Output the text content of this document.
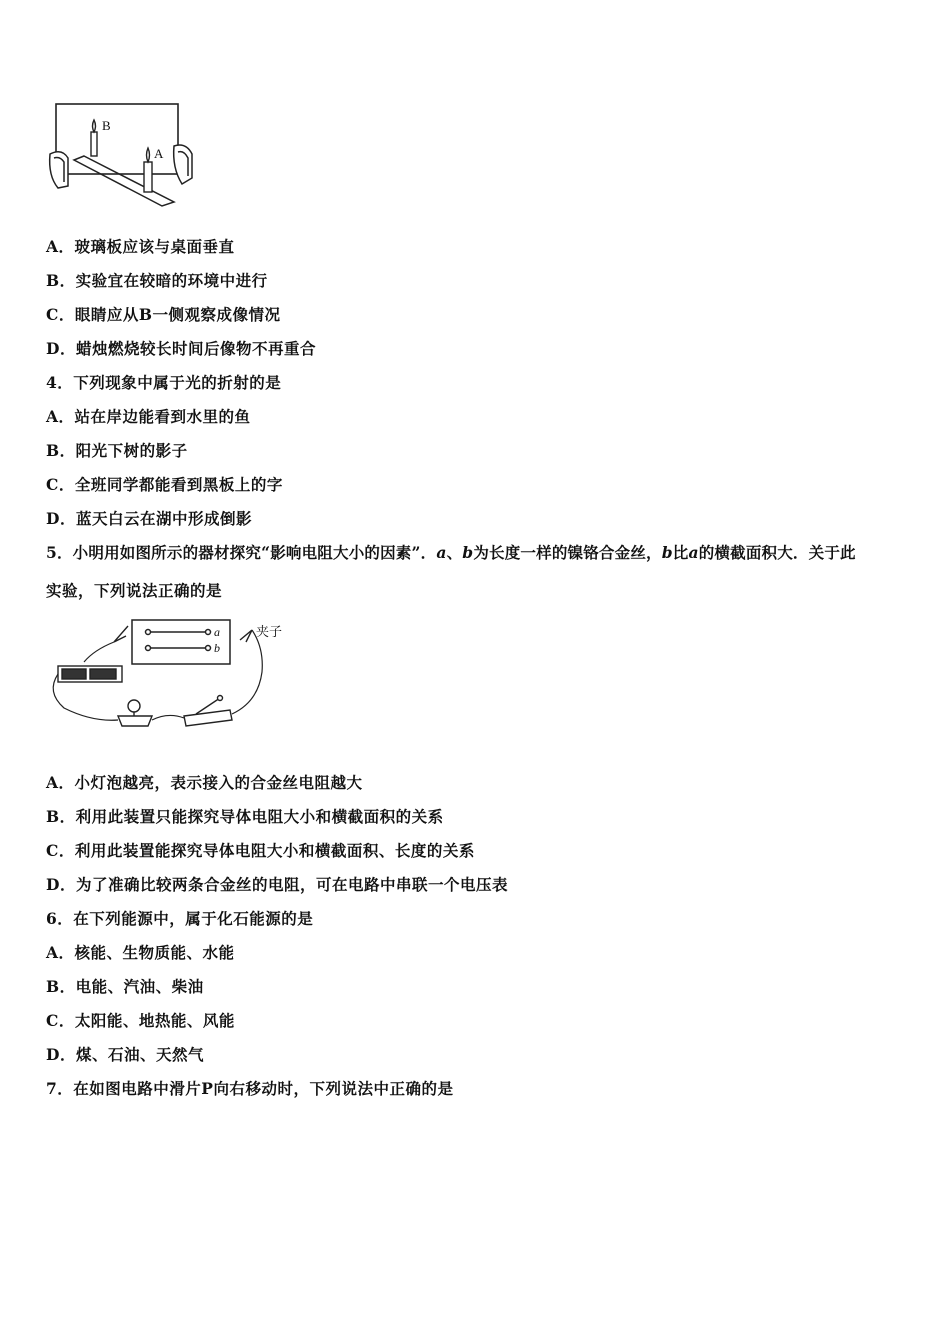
B
A
A．玻璃板应该与桌面垂直
B．实验宜在较暗的环境中进行
C．眼睛应从B一侧观察成像情况
D．蜡烛燃烧较长时间后像物不再重合
4．下列现象中属于光的折射的是
A．站在岸边能看到水里的鱼
B．阳光下树的影子
C．全班同学都能看到黑板上的字
D．蓝天白云在湖中形成倒影
5．小明用如图所示的器材探究“影响电阻大小的因素”．a、b为长度一样的镍铬合金丝，b比a的横截面积大．关于此
实验，下列说法正确的是
a
b
夹子
A．小灯泡越亮，表示接入的合金丝电阻越大
B．利用此装置只能探究导体电阻大小和横截面积的关系
C．利用此装置能探究导体电阻大小和横截面积、长度的关系
D．为了准确比较两条合金丝的电阻，可在电路中串联一个电压表
6．在下列能源中，属于化石能源的是
A．核能、生物质能、水能
B．电能、汽油、柴油
C．太阳能、地热能、风能
D．煤、石油、天然气
7．在如图电路中滑片P向右移动时，下列说法中正确的是
